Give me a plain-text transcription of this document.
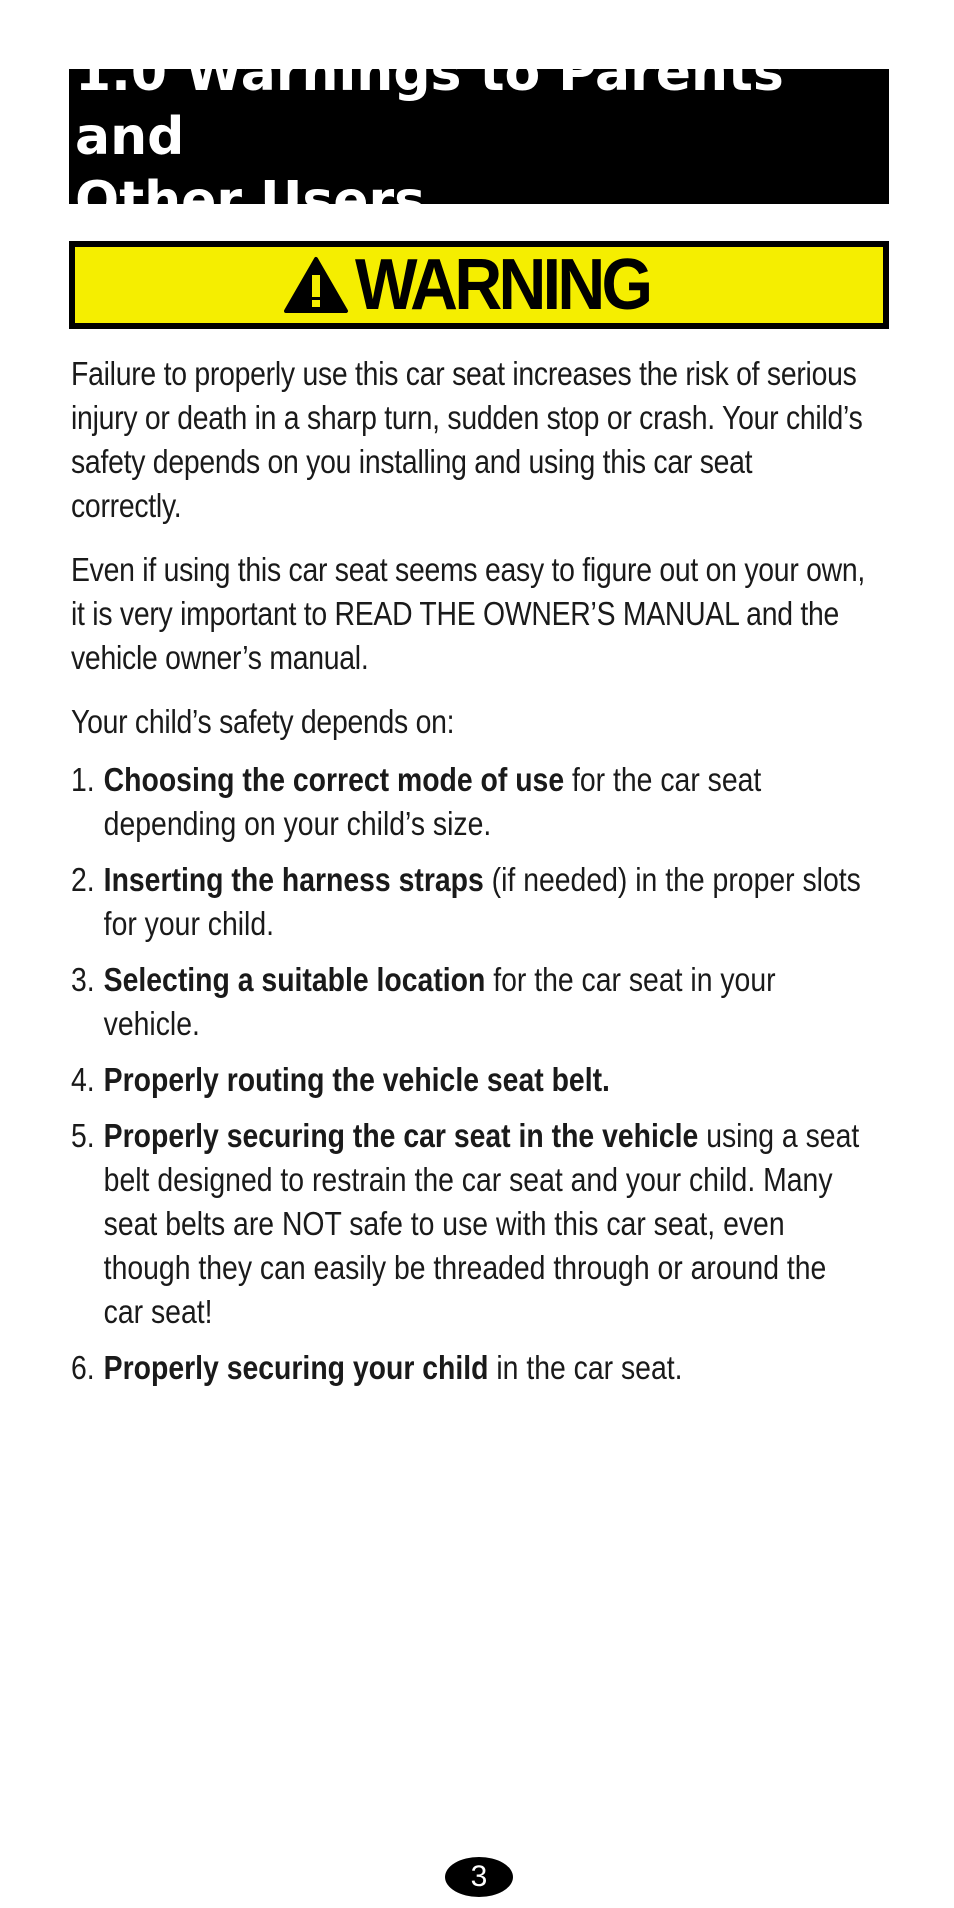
1.0 Warnings to Parents and
Other Users
WARNING

Failure to properly use this car seat increases the risk of serious injury or death in a sharp turn, sudden stop or crash. Your child’s safety depends on you installing and using this car seat correctly.

Even if using this car seat seems easy to figure out on your own, it is very important to READ THE OWNER’S MANUAL and the vehicle owner’s manual.

Your child’s safety depends on:

1. Choosing the correct mode of use for the car seat depending on your child’s size.
2. Inserting the harness straps (if needed) in the proper slots for your child.
3. Selecting a suitable location for the car seat in your vehicle.
4. Properly routing the vehicle seat belt.
5. Properly securing the car seat in the vehicle using a seat belt designed to restrain the car seat and your child. Many seat belts are NOT safe to use with this car seat, even though they can easily be threaded through or around the car seat!
6. Properly securing your child in the car seat.
3
